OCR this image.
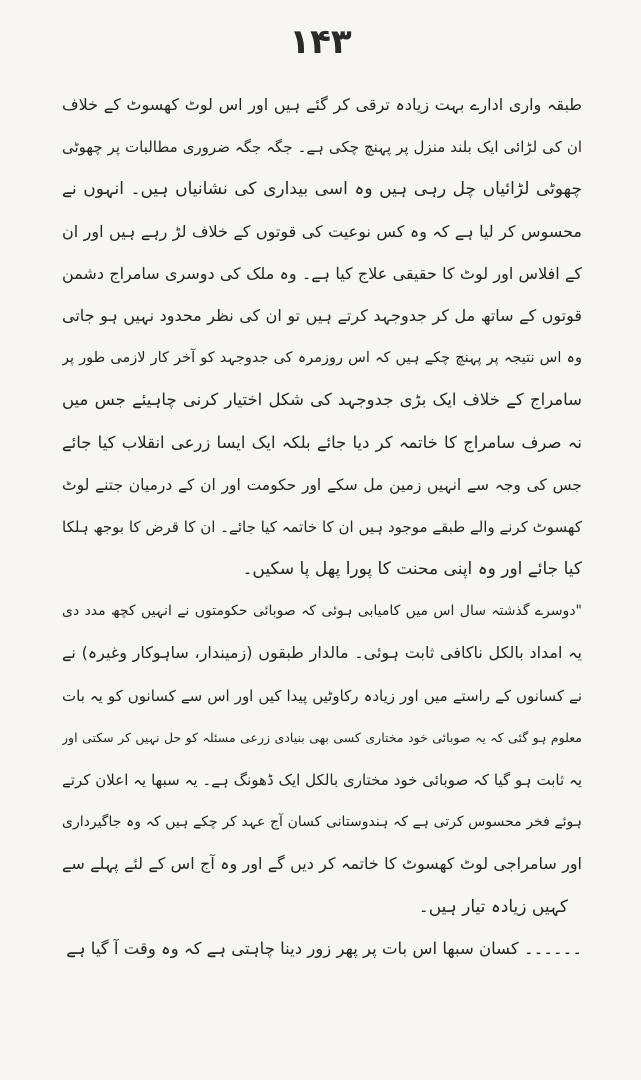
۱۴۳
طبقہ واری ادارے بہت زیادہ ترقی کر گئے ہیں اور اس لوٹ کھسوٹ کے خلاف
ان کی لڑائی ایک بلند منزل پر پہنچ چکی ہے۔ جگہ جگہ ضروری مطالبات پر چھوٹی
چھوٹی لڑائیاں چل رہی ہیں وہ اسی بیداری کی نشانیاں ہیں۔ انہوں نے
محسوس کر لیا ہے کہ وہ کس نوعیت کی قوتوں کے خلاف لڑ رہے ہیں اور ان
کے افلاس اور لوٹ کا حقیقی علاج کیا ہے۔ وہ ملک کی دوسری سامراج دشمن
قوتوں کے ساتھ مل کر جدوجہد کرتے ہیں تو ان کی نظر محدود نہیں ہو جاتی
وہ اس نتیجہ پر پہنچ چکے ہیں کہ اس روزمرہ کی جدوجہد کو آخر کار لازمی طور پر
سامراج کے خلاف ایک بڑی جدوجہد کی شکل اختیار کرنی چاہیئے جس میں
نہ صرف سامراج کا خاتمہ کر دیا جائے بلکہ ایک ایسا زرعی انقلاب کیا جائے
جس کی وجہ سے انہیں زمین مل سکے اور حکومت اور ان کے درمیان جتنے لوٹ
کھسوٹ کرنے والے طبقے موجود ہیں ان کا خاتمہ کیا جائے۔ ان کا قرض کا بوجھ ہلکا
کیا جائے اور وہ اپنی محنت کا پورا پھل پا سکیں۔
"دوسرے گذشتہ سال اس میں کامیابی ہوئی کہ صوبائی حکومتوں نے انہیں کچھ مدد دی
یہ امداد بالکل ناکافی ثابت ہوئی۔ مالدار طبقوں (زمیندار، ساہوکار وغیرہ) نے
نے کسانوں کے راستے میں اور زیادہ رکاوٹیں پیدا کیں اور اس سے کسانوں کو یہ بات
معلوم ہو گئی کہ یہ صوبائی خود مختاری کسی بھی بنیادی زرعی مسئلہ کو حل نہیں کر سکتی اور
یہ ثابت ہو گیا کہ صوبائی خود مختاری بالکل ایک ڈھونگ ہے۔ یہ سبھا یہ اعلان کرتے
ہوئے فخر محسوس کرتی ہے کہ ہندوستانی کسان آج عہد کر چکے ہیں کہ وہ جاگیرداری
اور سامراجی لوٹ کھسوٹ کا خاتمہ کر دیں گے اور وہ آج اس کے لئے پہلے سے
کہیں زیادہ تیار ہیں۔
۔۔۔۔۔۔ کسان سبھا اس بات پر پھر زور دینا چاہتی ہے کہ وہ وقت آ گیا ہے
